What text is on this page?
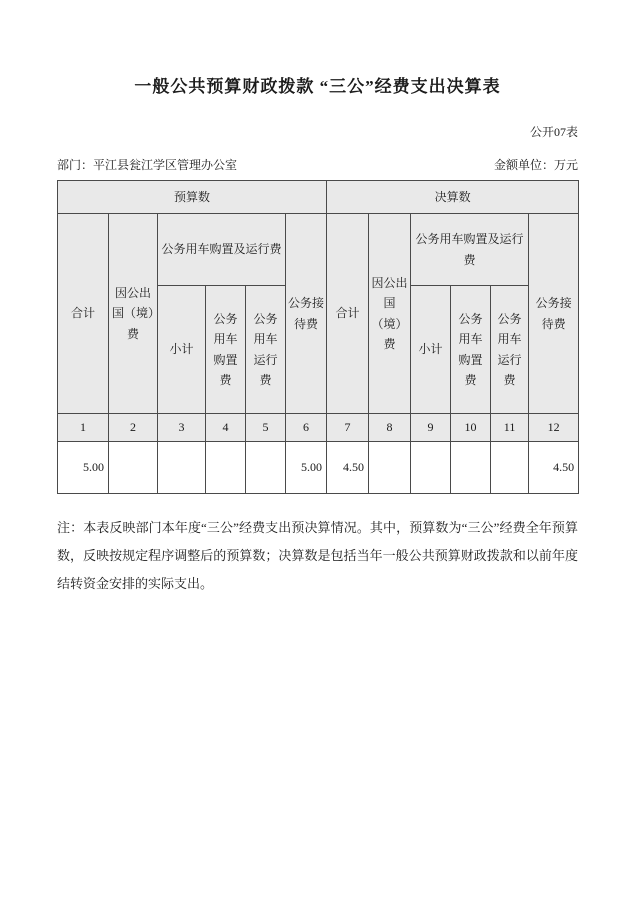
一般公共预算财政拨款 “三公”经费支出决算表
公开07表
部门：平江县瓮江学区管理办公室	金额单位：万元
预算数						决算数					
合计	因公出国（境）费	公务用车购置及运行费			公务接待费	合计	因公出国（境）费	公务用车购置及运行费			公务接待费
		小计	公务用车购置费	公务用车运行费				小计	公务用车购置费	公务用车运行费	
1	2	3	4	5	6	7	8	9	10	11	12
5.00					5.00	4.50					4.50
注：本表反映部门本年度“三公”经费支出预决算情况。其中，预算数为“三公”经费全年预算数，反映按规定程序调整后的预算数；决算数是包括当年一般公共预算财政拨款和以前年度结转资金安排的实际支出。
